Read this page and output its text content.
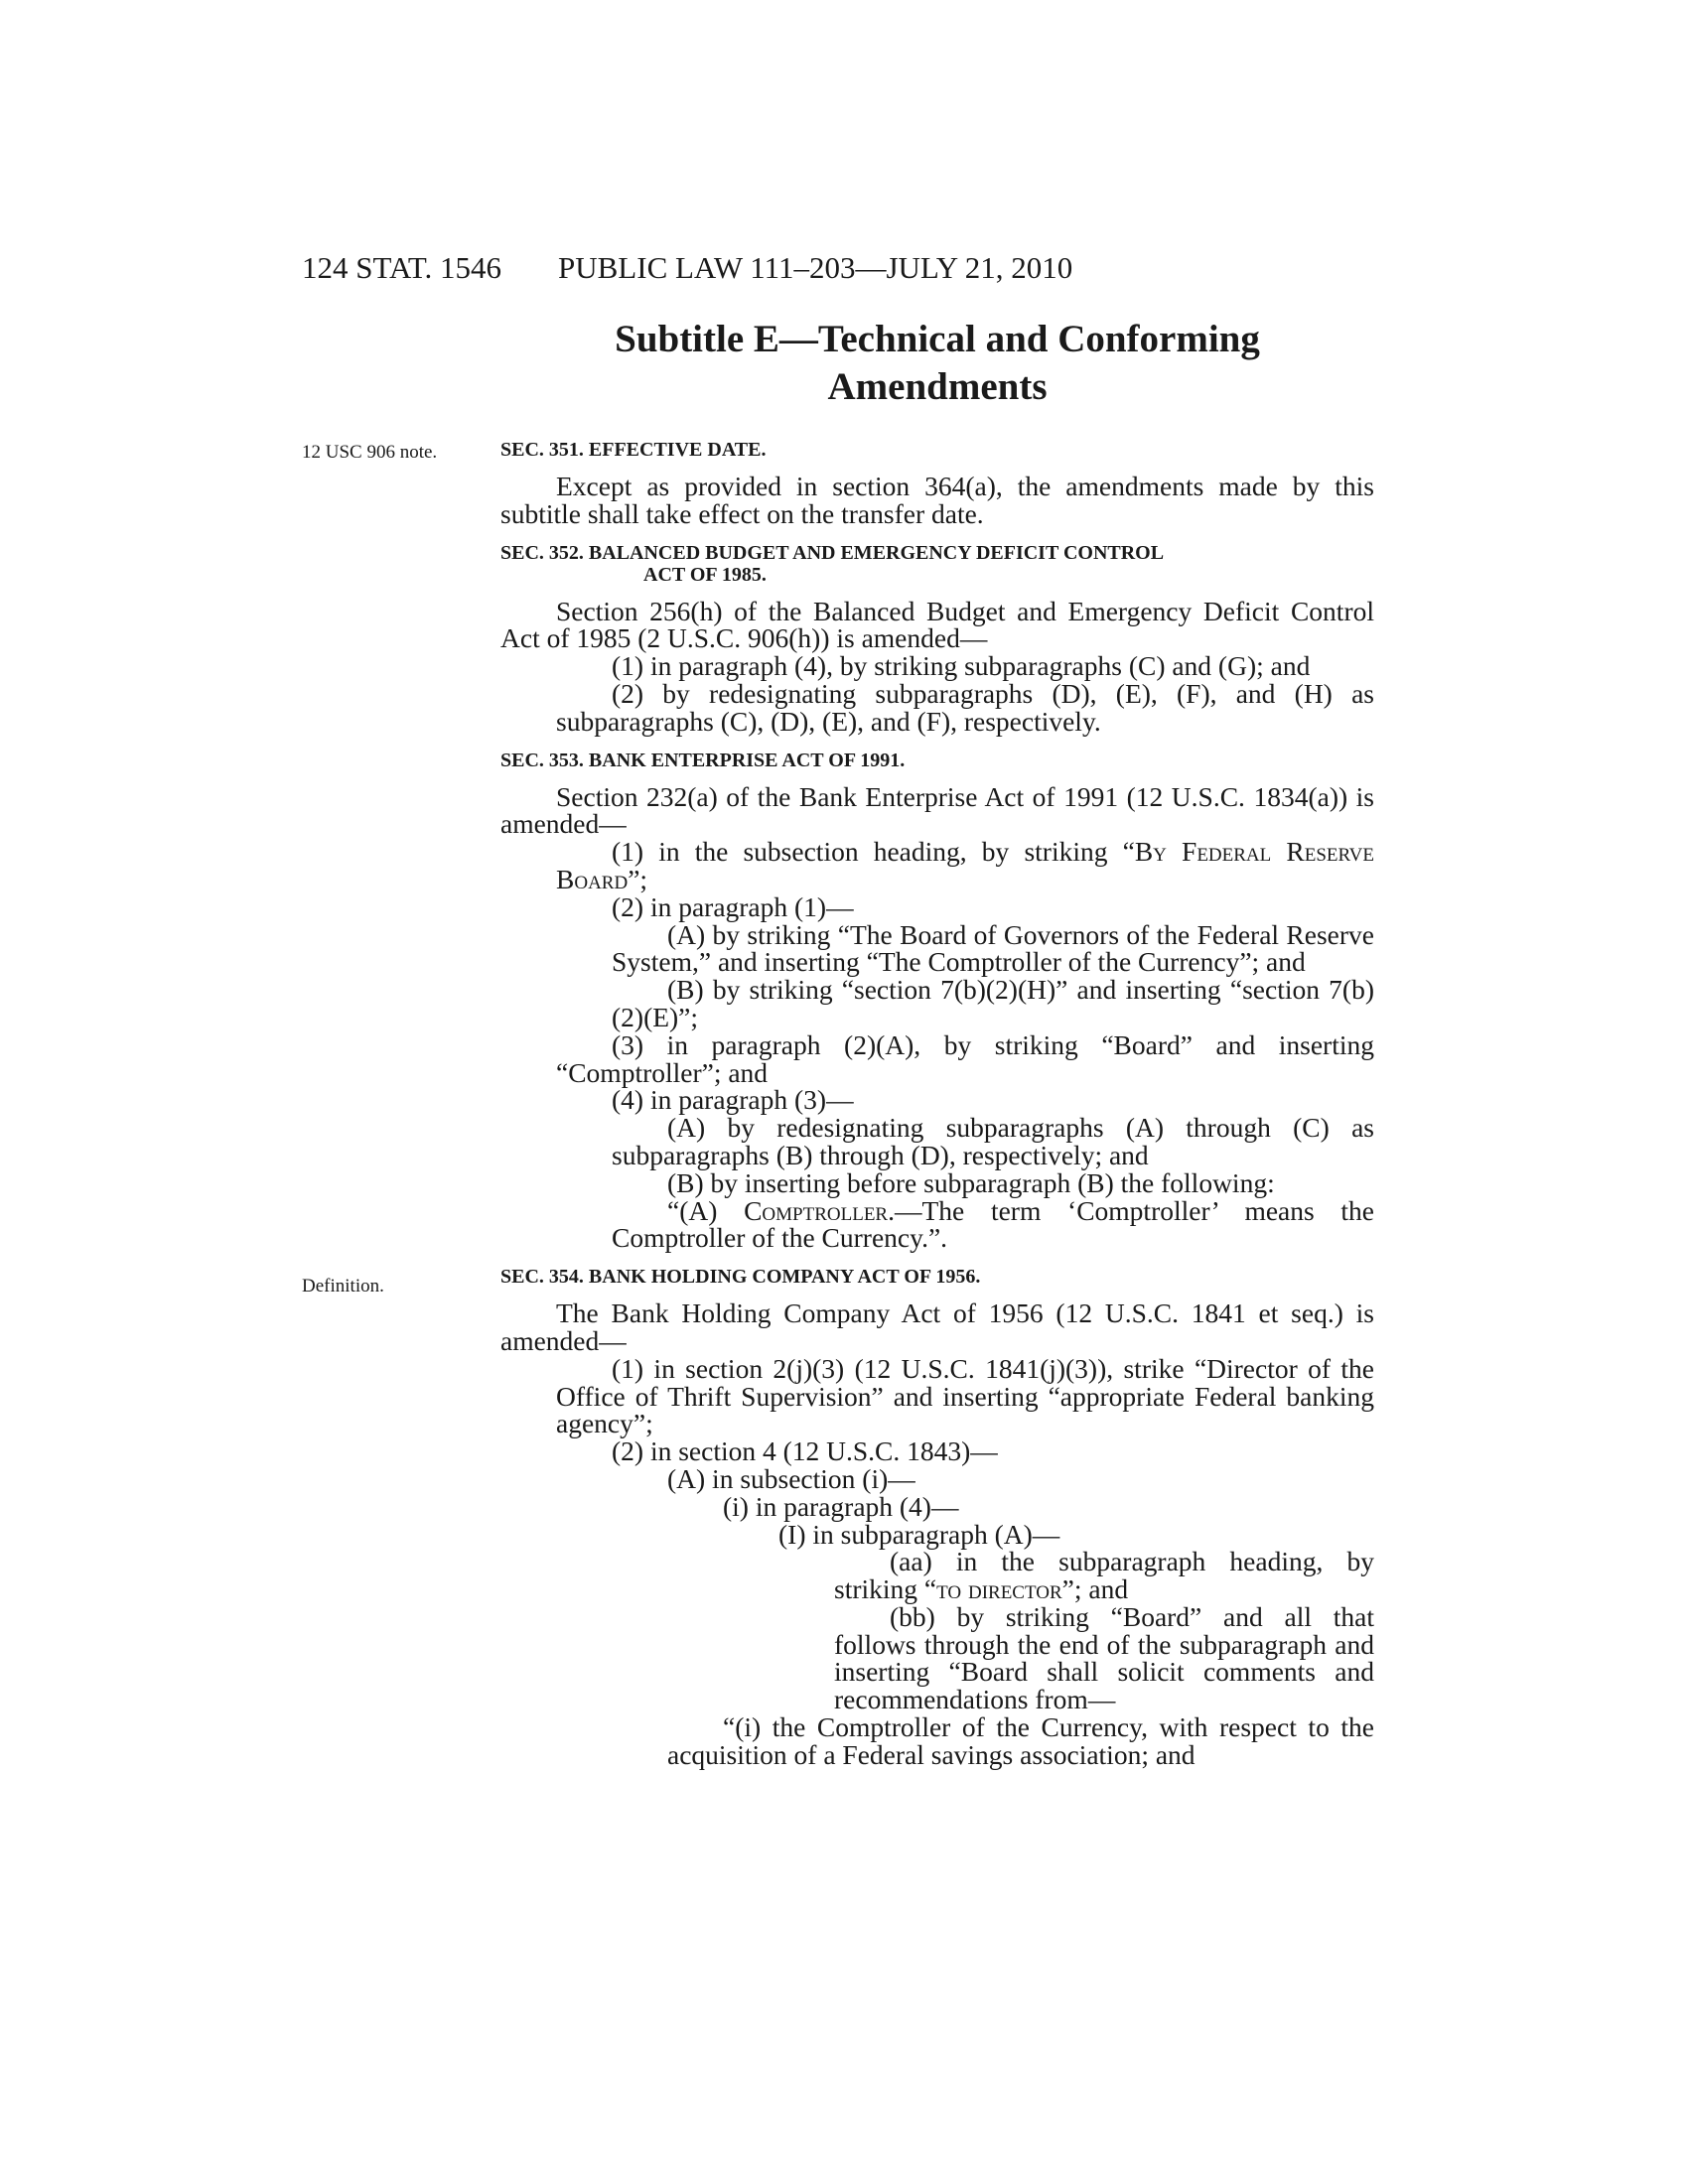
124 STAT. 1546 PUBLIC LAW 111–203—JULY 21, 2010
Subtitle E—Technical and Conforming
Amendments
12 USC 906 note.
Definition.
SEC. 351. EFFECTIVE DATE.

Except as provided in section 364(a), the amendments made by this subtitle shall take effect on the transfer date.

SEC. 352. BALANCED BUDGET AND EMERGENCY DEFICIT CONTROL
ACT OF 1985.

Section 256(h) of the Balanced Budget and Emergency Deficit Control Act of 1985 (2 U.S.C. 906(h)) is amended—

(1) in paragraph (4), by striking subparagraphs (C) and (G); and

(2) by redesignating subparagraphs (D), (E), (F), and (H) as subparagraphs (C), (D), (E), and (F), respectively.

SEC. 353. BANK ENTERPRISE ACT OF 1991.

Section 232(a) of the Bank Enterprise Act of 1991 (12 U.S.C. 1834(a)) is amended—

(1) in the subsection heading, by striking “By Federal Reserve Board”;

(2) in paragraph (1)—

(A) by striking “The Board of Governors of the Federal Reserve System,” and inserting “The Comptroller of the Currency”; and

(B) by striking “section 7(b)(2)(H)” and inserting “section 7(b)(2)(E)”;

(3) in paragraph (2)(A), by striking “Board” and inserting “Comptroller”; and

(4) in paragraph (3)—

(A) by redesignating subparagraphs (A) through (C) as subparagraphs (B) through (D), respectively; and

(B) by inserting before subparagraph (B) the following:

“(A) Comptroller.—The term ‘Comptroller’ means the Comptroller of the Currency.”.

SEC. 354. BANK HOLDING COMPANY ACT OF 1956.

The Bank Holding Company Act of 1956 (12 U.S.C. 1841 et seq.) is amended—

(1) in section 2(j)(3) (12 U.S.C. 1841(j)(3)), strike “Director of the Office of Thrift Supervision” and inserting “appropriate Federal banking agency”;

(2) in section 4 (12 U.S.C. 1843)—

(A) in subsection (i)—

(i) in paragraph (4)—

(I) in subparagraph (A)—

(aa) in the subparagraph heading, by striking “to director”; and

(bb) by striking “Board” and all that follows through the end of the subparagraph and inserting “Board shall solicit comments and recommendations from—

“(i) the Comptroller of the Currency, with respect to the acquisition of a Federal savings association; and
